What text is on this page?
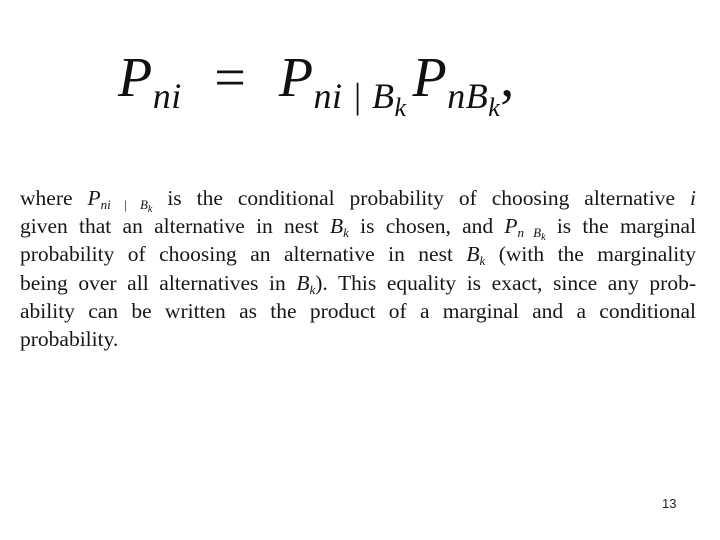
$P_{ni} = P_{ni | B_k}$ $P_{nB_k}$,
where $P_{ni | B_k}$ is the conditional probability of choosing alternative i
given that an alternative in nest $B_k$ is chosen, and $P_{n B_k}$ is the marginal
probability of choosing an alternative in nest $B_k$ (with the marginality
being over all alternatives in $B_k$). This equality is exact, since any prob-
ability can be written as the product of a marginal and a conditional
probability.
13
